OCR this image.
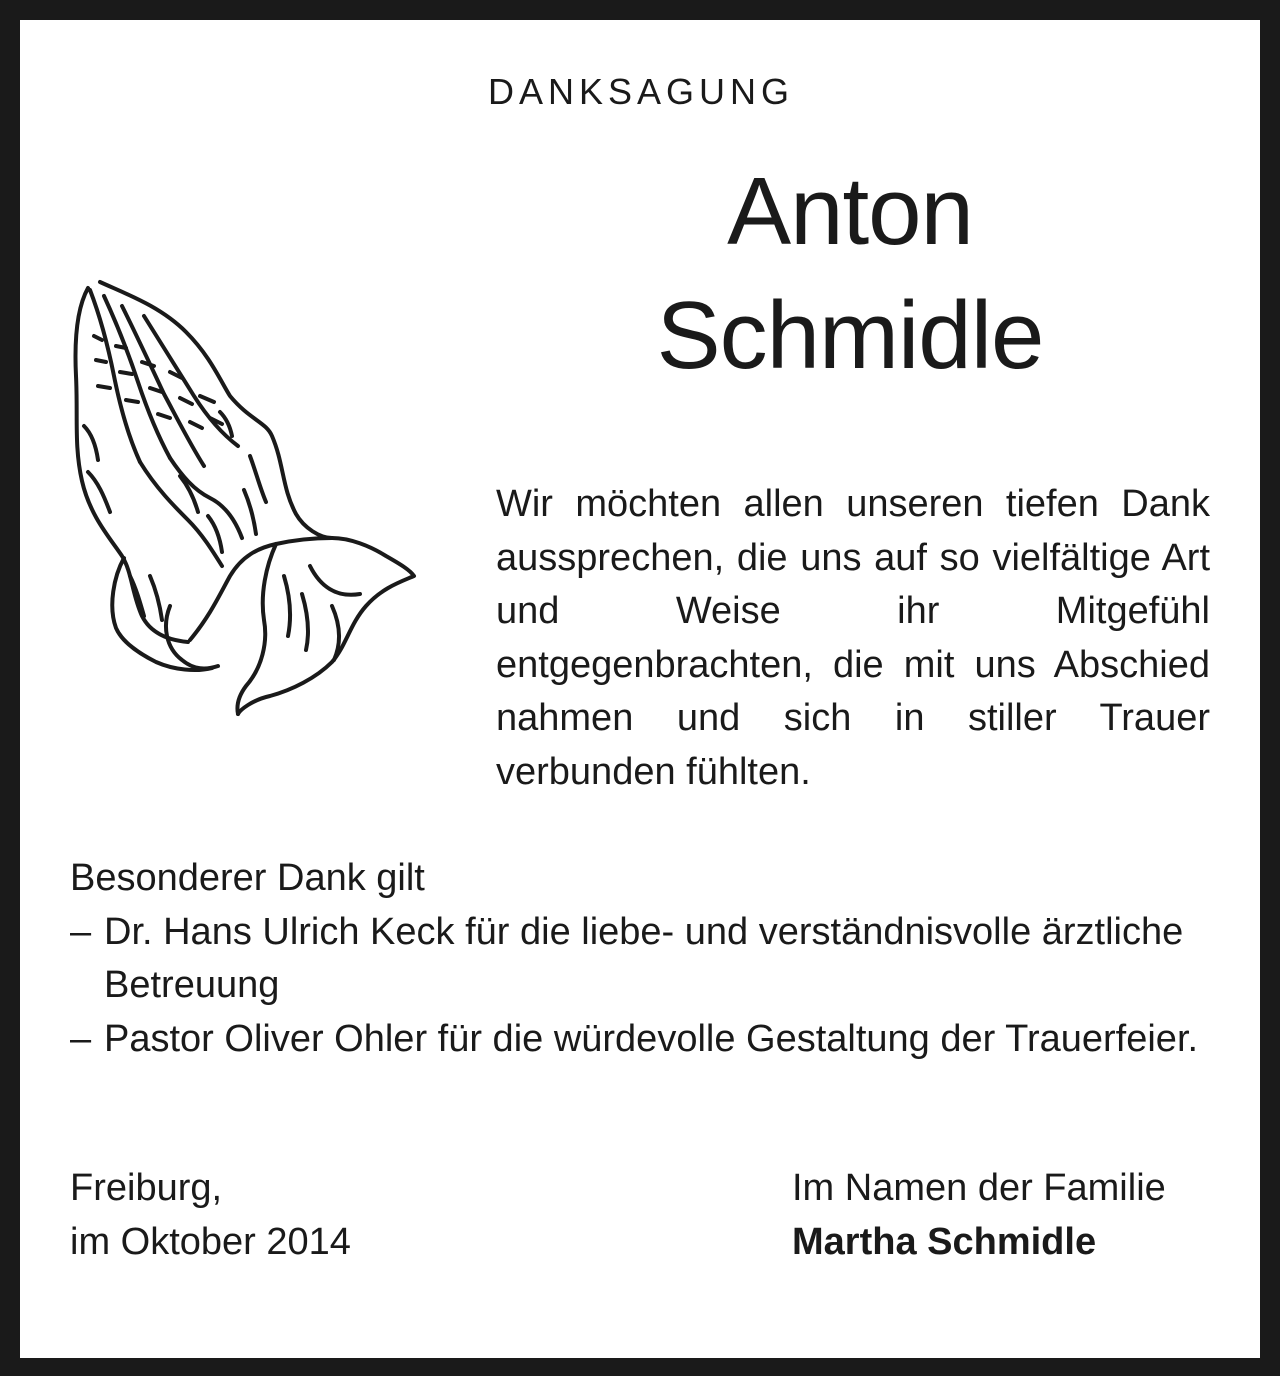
DANKSAGUNG
Anton
Schmidle
Wir möchten allen unseren tiefen Dank aussprechen, die uns auf so vielfältige Art und Weise ihr Mitgefühl entgegenbrachten, die mit uns Abschied nahmen und sich in stiller Trauer verbunden fühlten.
Besonderer Dank gilt
– Dr. Hans Ulrich Keck für die liebe- und verständnisvolle ärztliche Betreuung
– Pastor Oliver Ohler für die würdevolle Gestaltung der Trauerfeier.
Freiburg,
im Oktober 2014
Im Namen der Familie
Martha Schmidle
